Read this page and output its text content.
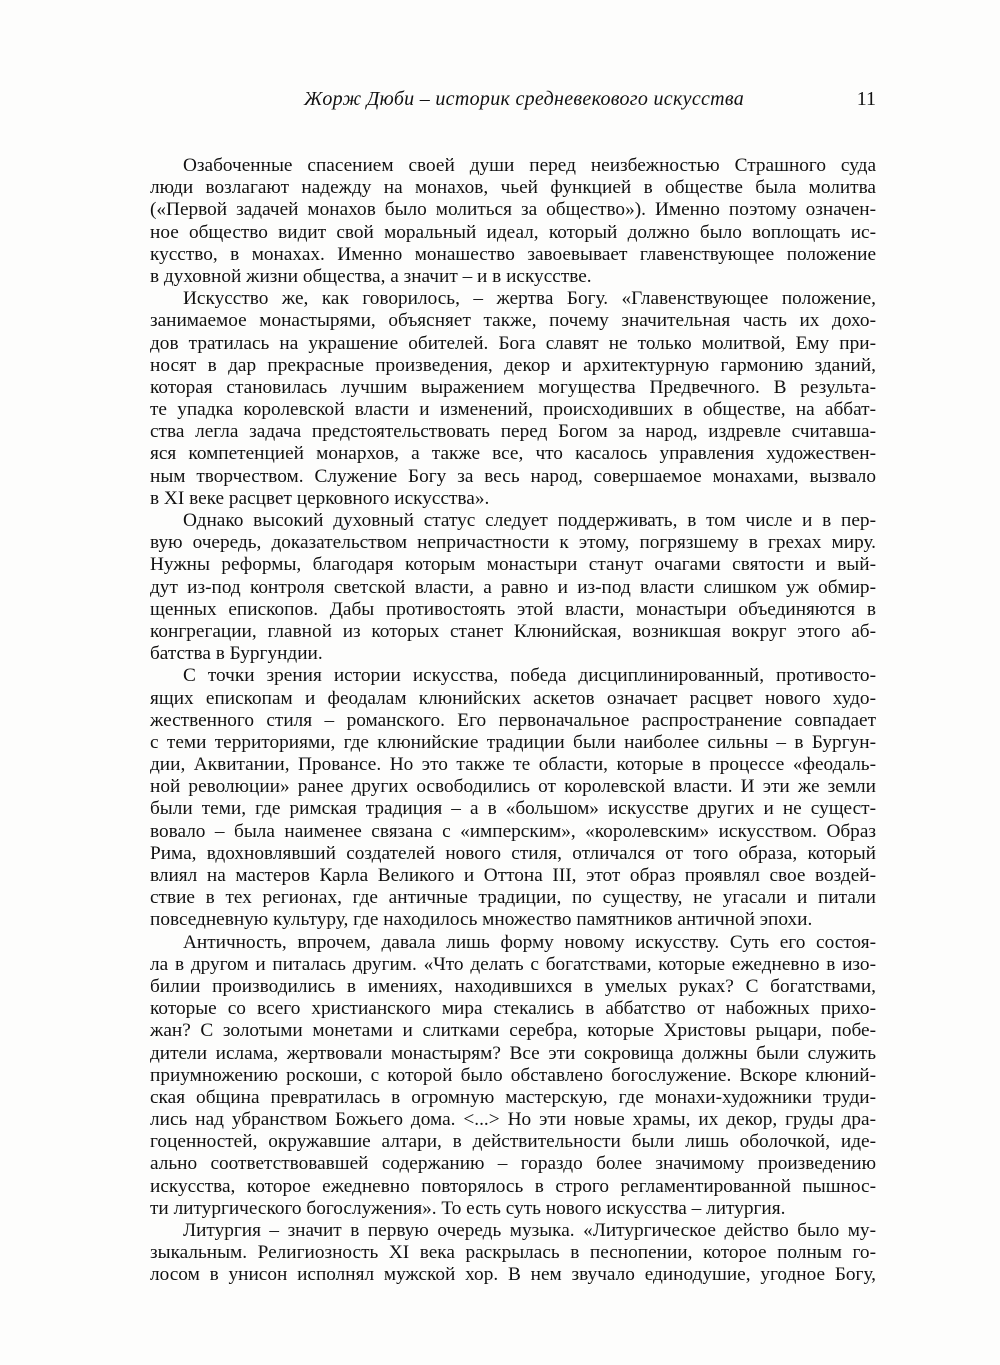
Жорж Дюби – историк средневекового искусства	11
Озабоченные спасением своей души перед неизбежностью Страшного суда
люди возлагают надежду на монахов, чьей функцией в обществе была молитва
(«Первой задачей монахов было молиться за общество»). Именно поэтому означен-
ное общество видит свой моральный идеал, который должно было воплощать ис-
кусство, в монахах. Именно монашество завоевывает главенствующее положение
в духовной жизни общества, а значит – и в искусстве.
Искусство же, как говорилось, – жертва Богу. «Главенствующее положение,
занимаемое монастырями, объясняет также, почему значительная часть их дохо-
дов тратилась на украшение обителей. Бога славят не только молитвой, Ему при-
носят в дар прекрасные произведения, декор и архитектурную гармонию зданий,
которая становилась лучшим выражением могущества Предвечного. В результа-
те упадка королевской власти и изменений, происходивших в обществе, на аббат-
ства легла задача предстоятельствовать перед Богом за народ, издревле считавша-
яся компетенцией монархов, а также все, что касалось управления художествен-
ным творчеством. Служение Богу за весь народ, совершаемое монахами, вызвало
в XI веке расцвет церковного искусства».
Однако высокий духовный статус следует поддерживать, в том числе и в пер-
вую очередь, доказательством непричастности к этому, погрязшему в грехах миру.
Нужны реформы, благодаря которым монастыри станут очагами святости и вый-
дут из-под контроля светской власти, а равно и из-под власти слишком уж обмир-
щенных епископов. Дабы противостоять этой власти, монастыри объединяются в
конгрегации, главной из которых станет Клюнийская, возникшая вокруг этого аб-
батства в Бургундии.
С точки зрения истории искусства, победа дисциплинированный, противосто-
ящих епископам и феодалам клюнийских аскетов означает расцвет нового худо-
жественного стиля – романского. Его первоначальное распространение совпадает
с теми территориями, где клюнийские традиции были наиболее сильны – в Бургун-
дии, Аквитании, Провансе. Но это также те области, которые в процессе «феодаль-
ной революции» ранее других освободились от королевской власти. И эти же земли
были теми, где римская традиция – а в «большом» искусстве других и не сущест-
вовало – была наименее связана с «имперским», «королевским» искусством. Образ
Рима, вдохновлявший создателей нового стиля, отличался от того образа, который
влиял на мастеров Карла Великого и Оттона III, этот образ проявлял свое воздей-
ствие в тех регионах, где античные традиции, по существу, не угасали и питали
повседневную культуру, где находилось множество памятников античной эпохи.
Античность, впрочем, давала лишь форму новому искусству. Суть его состоя-
ла в другом и питалась другим. «Что делать с богатствами, которые ежедневно в изо-
билии производились в имениях, находившихся в умелых руках? С богатствами,
которые со всего христианского мира стекались в аббатство от набожных прихо-
жан? С золотыми монетами и слитками серебра, которые Христовы рыцари, побе-
дители ислама, жертвовали монастырям? Все эти сокровища должны были служить
приумножению роскоши, с которой было обставлено богослужение. Вскоре клюний-
ская община превратилась в огромную мастерскую, где монахи-художники труди-
лись над убранством Божьего дома. <...> Но эти новые храмы, их декор, груды дра-
гоценностей, окружавшие алтари, в действительности были лишь оболочкой, иде-
ально соответствовавшей содержанию – гораздо более значимому произведению
искусства, которое ежедневно повторялось в строго регламентированной пышнос-
ти литургического богослужения». То есть суть нового искусства – литургия.
Литургия – значит в первую очередь музыка. «Литургическое действо было му-
зыкальным. Религиозность XI века раскрылась в песнопении, которое полным го-
лосом в унисон исполнял мужской хор. В нем звучало единодушие, угодное Богу,
